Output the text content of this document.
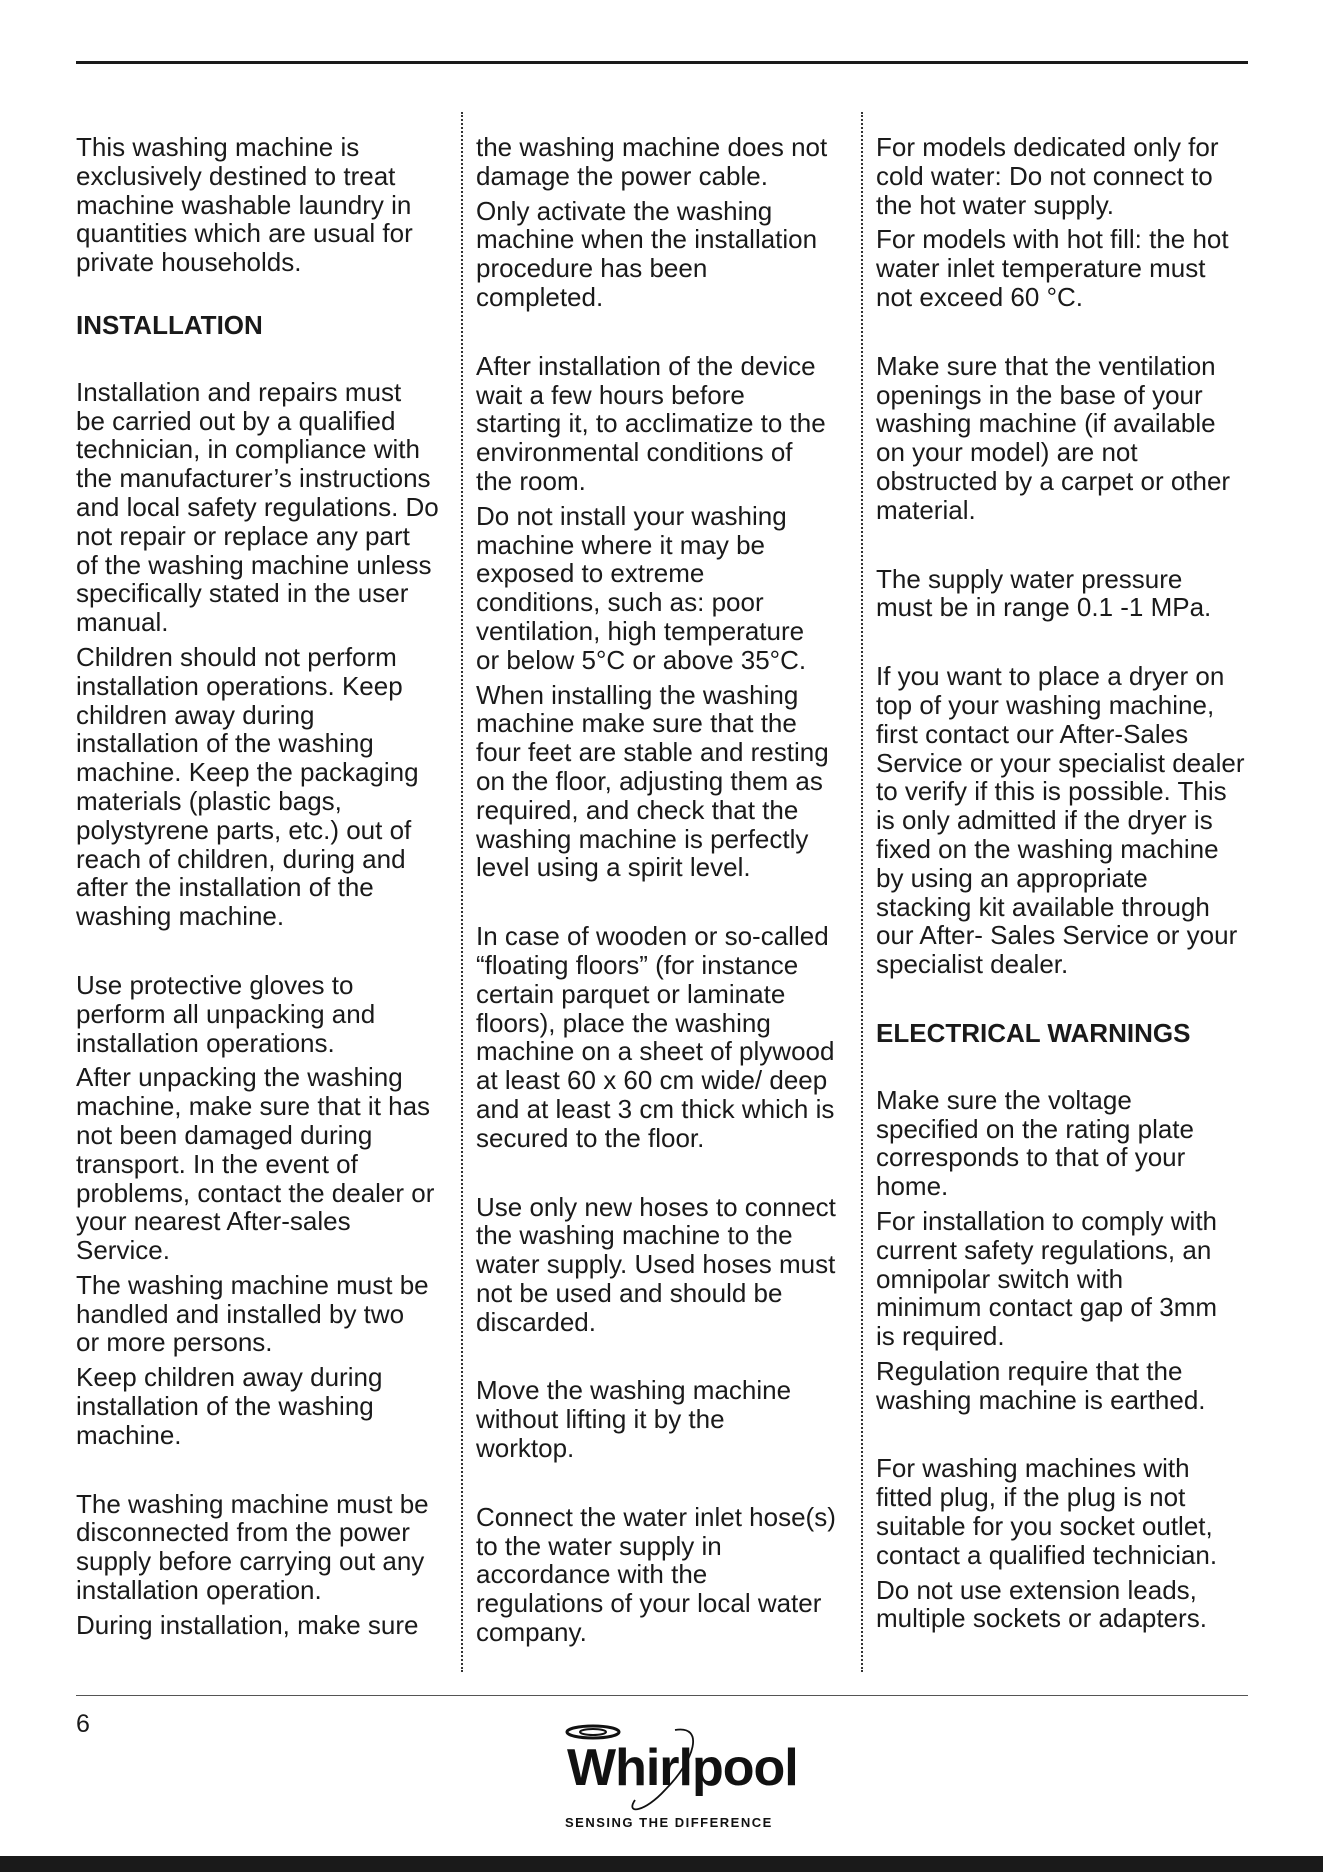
This washing machine is
exclusively destined to treat
machine washable laundry in
quantities which are usual for
private households.

INSTALLATION

Installation and repairs must
be carried out by a qualified
technician, in compliance with
the manufacturer’s instructions
and local safety regulations. Do
not repair or replace any part
of the washing machine unless
specifically stated in the user
manual.

Children should not perform
installation operations. Keep
children away during
installation of the washing
machine. Keep the packaging
materials (plastic bags,
polystyrene parts, etc.) out of
reach of children, during and
after the installation of the
washing machine.

Use protective gloves to
perform all unpacking and
installation operations.

After unpacking the washing
machine, make sure that it has
not been damaged during
transport. In the event of
problems, contact the dealer or
your nearest After-sales
Service.

The washing machine must be
handled and installed by two
or more persons.

Keep children away during
installation of the washing
machine.

The washing machine must be
disconnected from the power
supply before carrying out any
installation operation.

During installation, make sure

the washing machine does not
damage the power cable.

Only activate the washing
machine when the installation
procedure has been
completed.

After installation of the device
wait a few hours before
starting it, to acclimatize to the
environmental conditions of
the room.

Do not install your washing
machine where it may be
exposed to extreme
conditions, such as: poor
ventilation, high temperature
or below 5°C or above 35°C.

When installing the washing
machine make sure that the
four feet are stable and resting
on the floor, adjusting them as
required, and check that the
washing machine is perfectly
level using a spirit level.

In case of wooden or so-called
“floating floors” (for instance
certain parquet or laminate
floors), place the washing
machine on a sheet of plywood
at least 60 x 60 cm wide/ deep
and at least 3 cm thick which is
secured to the floor.

Use only new hoses to connect
the washing machine to the
water supply. Used hoses must
not be used and should be
discarded.

Move the washing machine
without lifting it by the
worktop.

Connect the water inlet hose(s)
to the water supply in
accordance with the
regulations of your local water
company.

For models dedicated only for
cold water: Do not connect to
the hot water supply.

For models with hot fill: the hot
water inlet temperature must
not exceed 60 °C.

Make sure that the ventilation
openings in the base of your
washing machine (if available
on your model) are not
obstructed by a carpet or other
material.

The supply water pressure
must be in range 0.1 -1 MPa.

If you want to place a dryer on
top of your washing machine,
first contact our After-Sales
Service or your specialist dealer
to verify if this is possible. This
is only admitted if the dryer is
fixed on the washing machine
by using an appropriate
stacking kit available through
our After- Sales Service or your
specialist dealer.

ELECTRICAL WARNINGS

Make sure the voltage
specified on the rating plate
corresponds to that of your
home.

For installation to comply with
current safety regulations, an
omnipolar switch with
minimum contact gap of 3mm
is required.

Regulation require that the
washing machine is earthed.

For washing machines with
fitted plug, if the plug is not
suitable for you socket outlet,
contact a qualified technician.

Do not use extension leads,
multiple sockets or adapters.

6
Whirlpool
SENSING THE DIFFERENCE
